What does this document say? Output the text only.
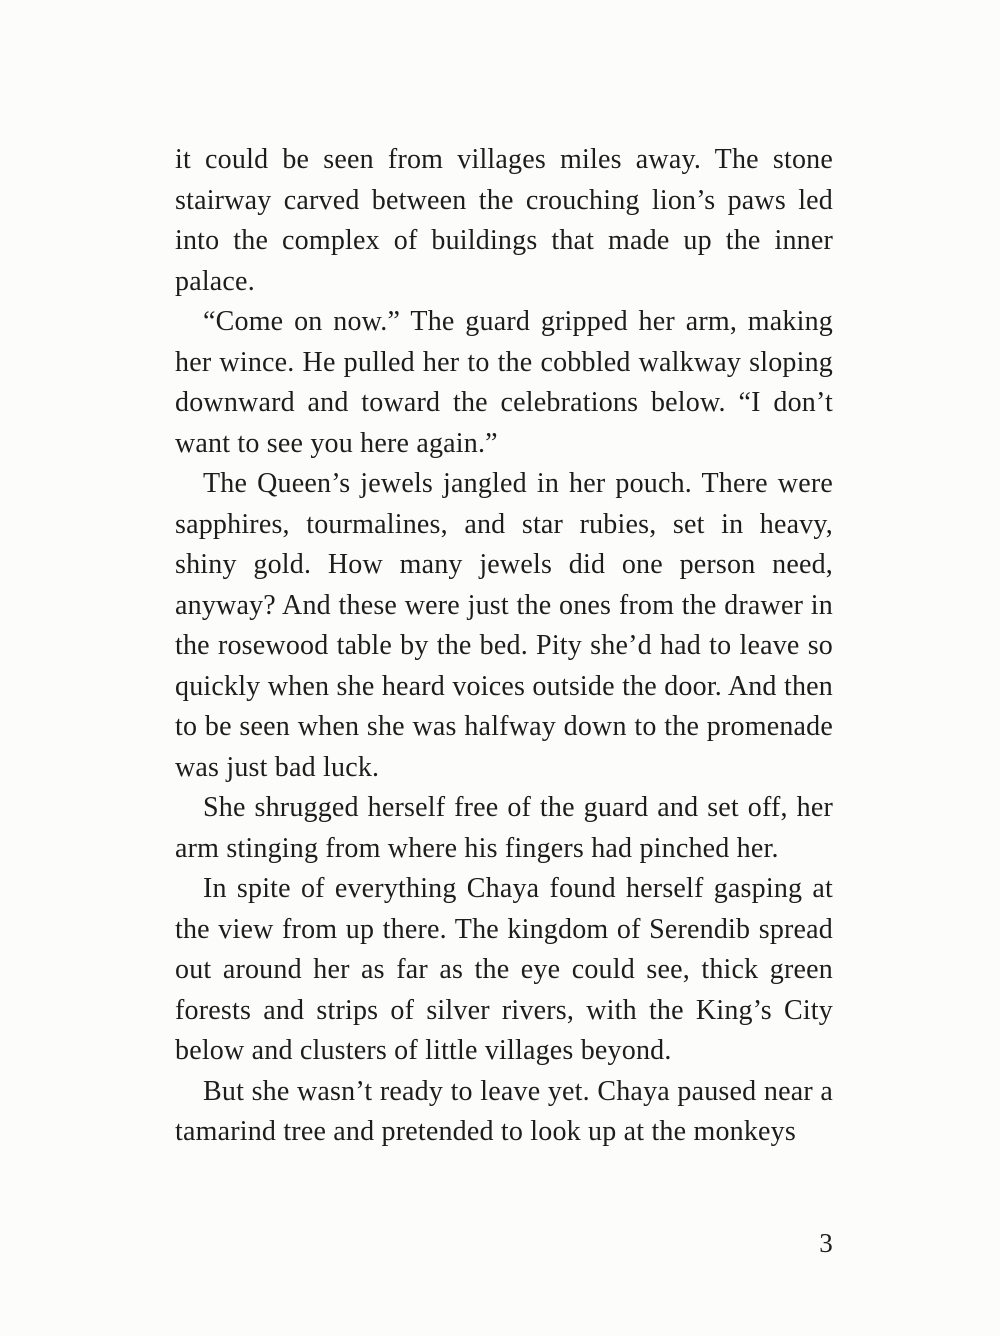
it could be seen from villages miles away. The stone stairway carved between the crouching lion’s paws led into the complex of buildings that made up the inner palace.

“Come on now.” The guard gripped her arm, making her wince. He pulled her to the cobbled walkway sloping downward and toward the celebrations below. “I don’t want to see you here again.”

The Queen’s jewels jangled in her pouch. There were sapphires, tourmalines, and star rubies, set in heavy, shiny gold. How many jewels did one person need, anyway? And these were just the ones from the drawer in the rosewood table by the bed. Pity she’d had to leave so quickly when she heard voices outside the door. And then to be seen when she was halfway down to the promenade was just bad luck.

She shrugged herself free of the guard and set off, her arm stinging from where his fingers had pinched her.

In spite of everything Chaya found herself gasping at the view from up there. The kingdom of Serendib spread out around her as far as the eye could see, thick green forests and strips of silver rivers, with the King’s City below and clusters of little villages beyond.

But she wasn’t ready to leave yet. Chaya paused near a tamarind tree and pretended to look up at the monkeys

3
